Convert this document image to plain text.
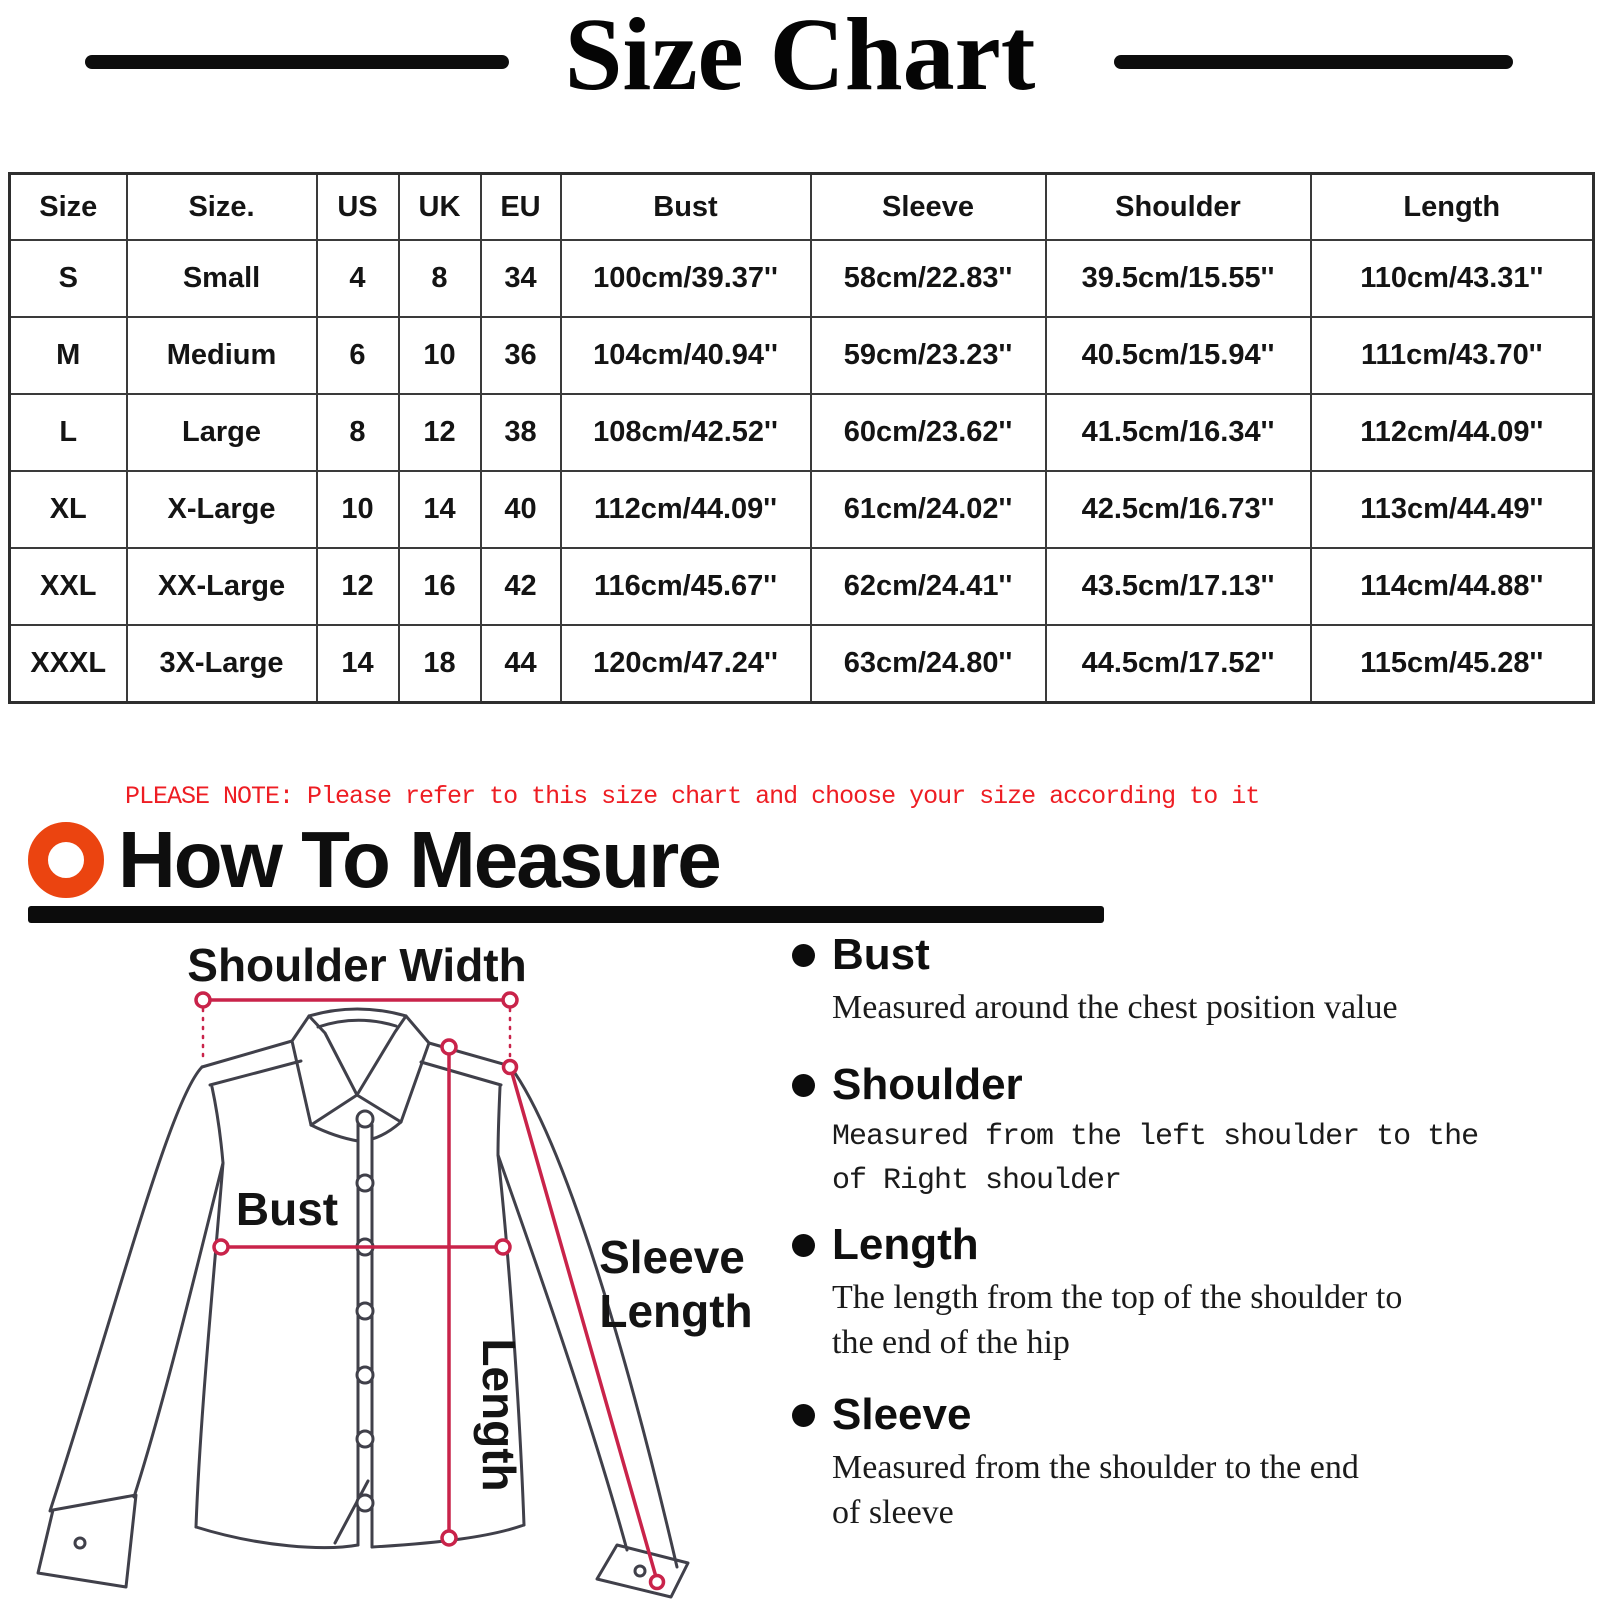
Size Chart
Size	Size.	US	UK	EU	Bust	Sleeve	Shoulder	Length
S	Small	4	8	34	100cm/39.37''	58cm/22.83''	39.5cm/15.55''	110cm/43.31''
M	Medium	6	10	36	104cm/40.94''	59cm/23.23''	40.5cm/15.94''	111cm/43.70''
L	Large	8	12	38	108cm/42.52''	60cm/23.62''	41.5cm/16.34''	112cm/44.09''
XL	X-Large	10	14	40	112cm/44.09''	61cm/24.02''	42.5cm/16.73''	113cm/44.49''
XXL	XX-Large	12	16	42	116cm/45.67''	62cm/24.41''	43.5cm/17.13''	114cm/44.88''
XXXL	3X-Large	14	18	44	120cm/47.24''	63cm/24.80''	44.5cm/17.52''	115cm/45.28''
PLEASE NOTE: Please refer to this size chart and choose your size according to it
How To Measure
Shoulder Width
Bust
Length
Sleeve
Length
Bust
Measured around the chest position value
Shoulder
Measured from the left shoulder to the
of Right shoulder
Length
The length from the top of the shoulder to
the end of the hip
Sleeve
Measured from the shoulder to the end
of sleeve
